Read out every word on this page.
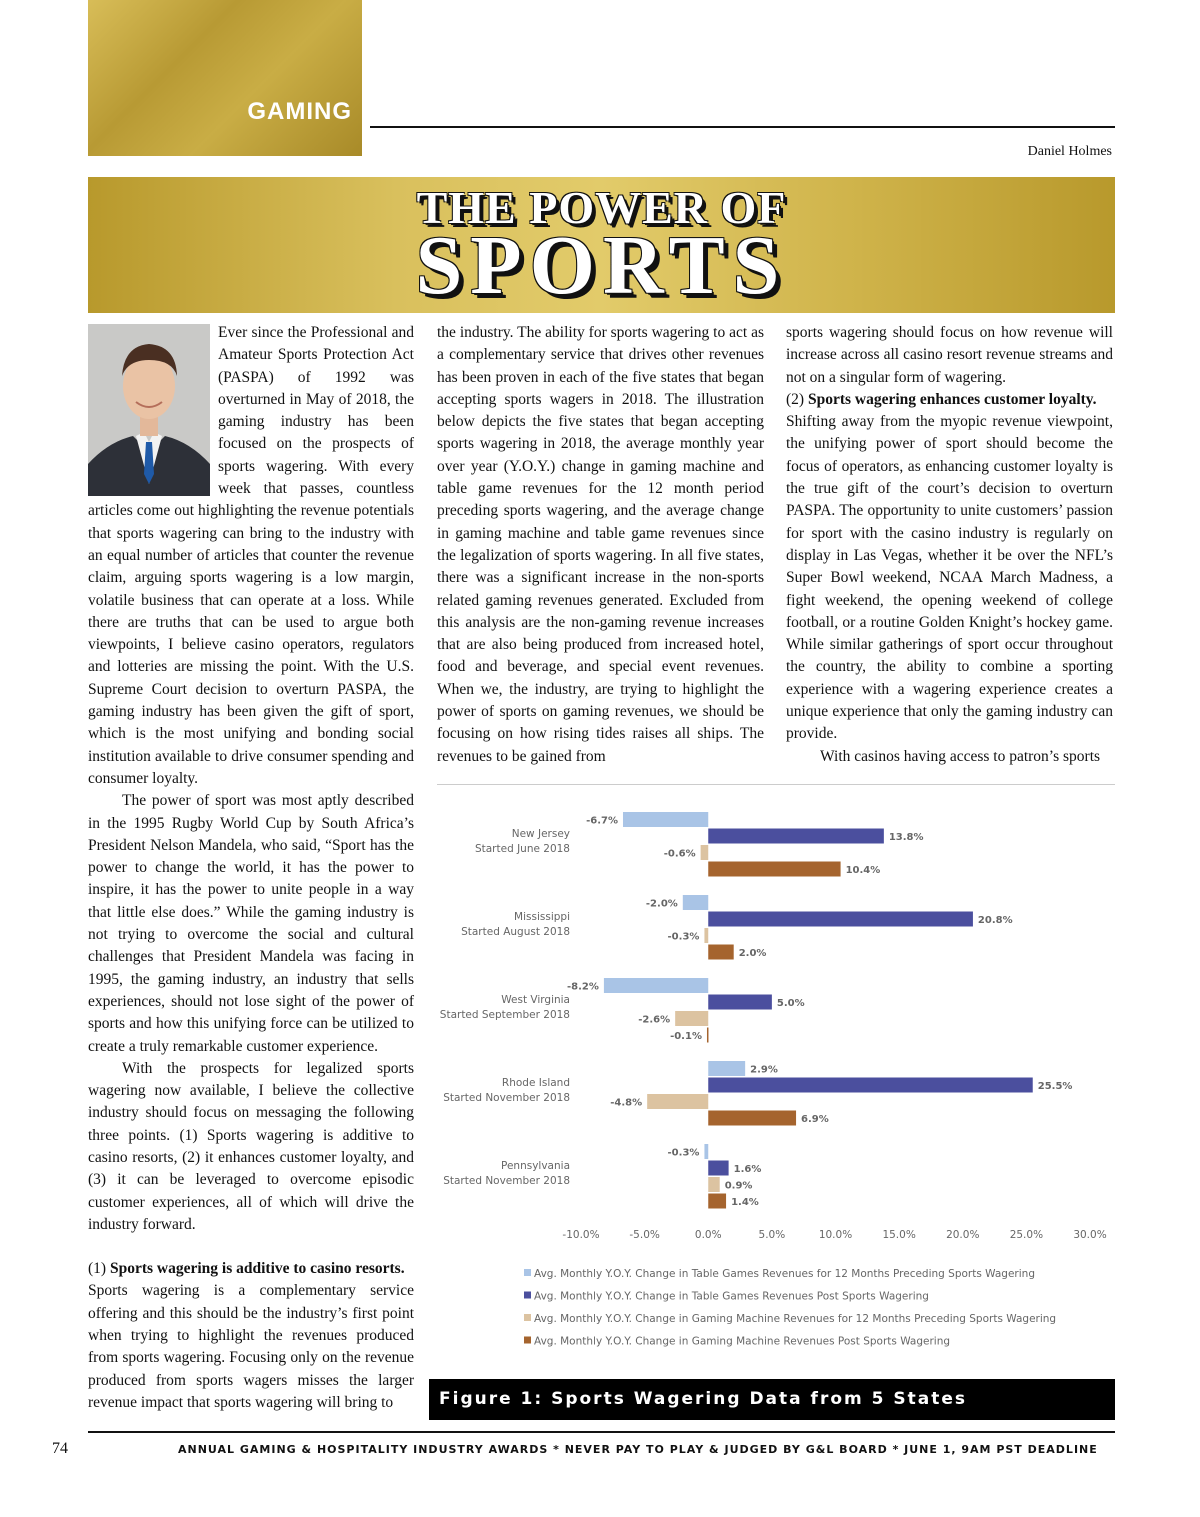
GAMING
Daniel Holmes
THE POWER OF
SPORTS

Ever since the Professional and Amateur Sports Protection Act (PASPA) of 1992 was overturned in May of 2018, the gaming industry has been focused on the prospects of sports wagering. With every week that passes, countless articles come out highlighting the revenue potentials that sports wagering can bring to the industry with an equal number of articles that counter the revenue claim, arguing sports wagering is a low margin, volatile business that can operate at a loss. While there are truths that can be used to argue both viewpoints, I believe casino operators, regulators and lotteries are missing the point. With the U.S. Supreme Court decision to overturn PASPA, the gaming industry has been given the gift of sport, which is the most unifying and bonding social institution available to drive consumer spending and consumer loyalty.

The power of sport was most aptly described in the 1995 Rugby World Cup by South Africa’s President Nelson Mandela, who said, “Sport has the power to change the world, it has the power to inspire, it has the power to unite people in a way that little else does.” While the gaming industry is not trying to overcome the social and cultural challenges that President Mandela was facing in 1995, the gaming industry, an industry that sells experiences, should not lose sight of the power of sports and how this unifying force can be utilized to create a truly remarkable customer experience.

With the prospects for legalized sports wagering now available, I believe the collective industry should focus on messaging the following three points. (1) Sports wagering is additive to casino resorts, (2) it enhances customer loyalty, and (3) it can be leveraged to overcome episodic customer experiences, all of which will drive the industry forward.

(1) Sports wagering is additive to casino resorts.

Sports wagering is a complementary service offering and this should be the industry’s first point when trying to highlight the revenues produced from sports wagering. Focusing only on the revenue produced from sports wagers misses the larger revenue impact that sports wagering will bring to

the industry. The ability for sports wagering to act as a complementary service that drives other revenues has been proven in each of the five states that began accepting sports wagers in 2018. The illustration below depicts the five states that began accepting sports wagering in 2018, the average monthly year over year (Y.O.Y.) change in gaming machine and table game revenues for the 12 month period preceding sports wagering, and the average change in gaming machine and table game revenues since the legalization of sports wagering. In all five states, there was a significant increase in the non-sports related gaming revenues generated. Excluded from this analysis are the non-gaming revenue increases that are also being produced from increased hotel, food and beverage, and special event revenues. When we, the industry, are trying to highlight the power of sports on gaming revenues, we should be focusing on how rising tides raises all ships. The revenues to be gained from

sports wagering should focus on how revenue will increase across all casino resort revenue streams and not on a singular form of wagering.

(2) Sports wagering enhances customer loyalty.

Shifting away from the myopic revenue viewpoint, the unifying power of sport should become the focus of operators, as enhancing customer loyalty is the true gift of the court’s decision to overturn PASPA. The opportunity to unite customers’ passion for sport with the casino industry is regularly on display in Las Vegas, whether it be over the NFL’s Super Bowl weekend, NCAA March Madness, a fight weekend, the opening weekend of college football, or a routine Golden Knight’s hockey game. While similar gatherings of sport occur throughout the country, the ability to combine a sporting experience with a wagering experience creates a unique experience that only the gaming industry can provide.

With casinos having access to patron’s sports

New Jersey
Started June 2018
-6.7%
13.8%
-0.6%
10.4%
Mississippi
Started August 2018
-2.0%
20.8%
-0.3%
2.0%
West Virginia
Started September 2018
-8.2%
5.0%
-2.6%
-0.1%
Rhode Island
Started November 2018
2.9%
25.5%
-4.8%
6.9%
Pennsylvania
Started November 2018
-0.3%
1.6%
0.9%
1.4%
-10.0%	-5.0%	0.0%	5.0%	10.0%	15.0%	20.0%	25.0%	30.0%
Avg. Monthly Y.O.Y. Change in Table Games Revenues for 12 Months Preceding Sports Wagering
Avg. Monthly Y.O.Y. Change in Table Games Revenues Post Sports Wagering
Avg. Monthly Y.O.Y. Change in Gaming Machine Revenues for 12 Months Preceding Sports Wagering
Avg. Monthly Y.O.Y. Change in Gaming Machine Revenues Post Sports Wagering
Figure 1: Sports Wagering Data from 5 States
74	ANNUAL GAMING & HOSPITALITY INDUSTRY AWARDS * NEVER PAY TO PLAY & JUDGED BY G&L BOARD * JUNE 1, 9AM PST DEADLINE
